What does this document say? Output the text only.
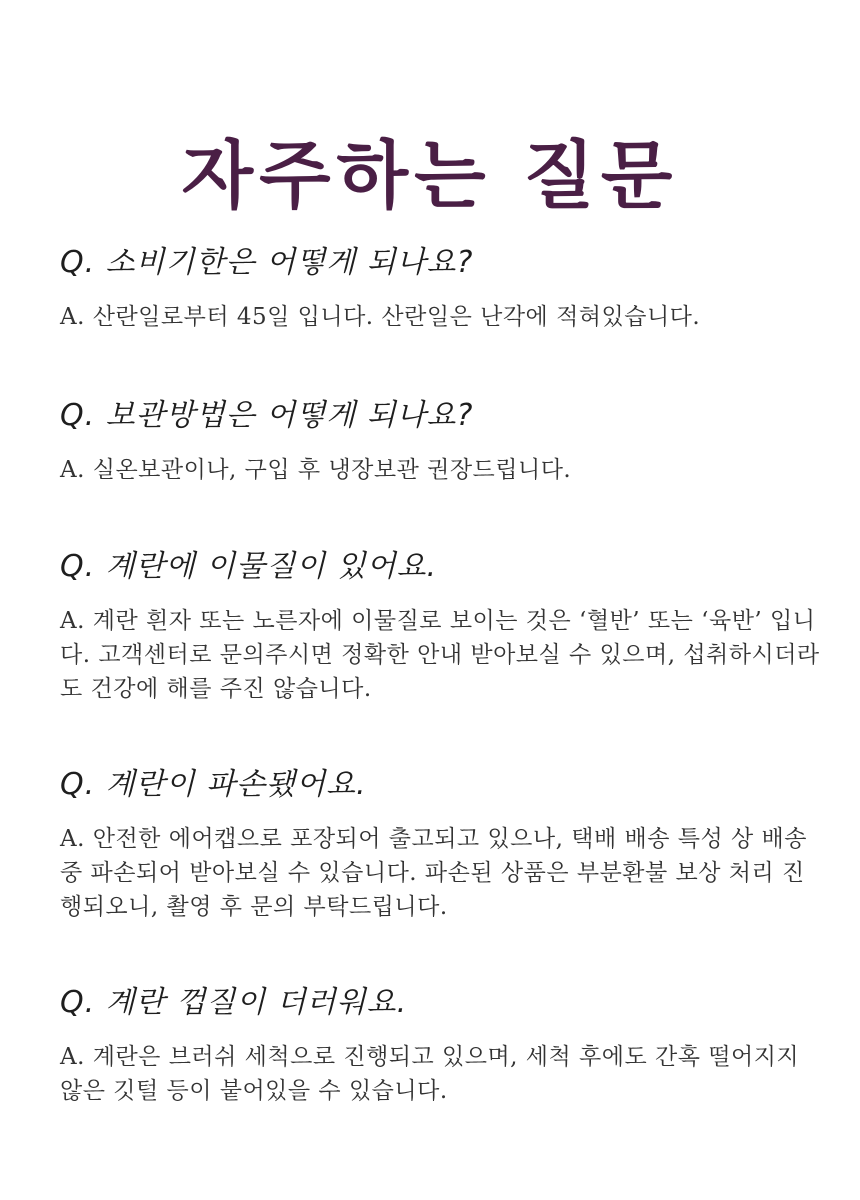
자주하는 질문

Q. 소비기한은 어떻게 되나요?

A. 산란일로부터 45일 입니다. 산란일은 난각에 적혀있습니다.

Q. 보관방법은 어떻게 되나요?

A. 실온보관이나, 구입 후 냉장보관 권장드립니다.

Q. 계란에 이물질이 있어요.

A. 계란 흰자 또는 노른자에 이물질로 보이는 것은 ‘혈반’ 또는 ‘육반’ 입니다. 고객센터로 문의주시면 정확한 안내 받아보실 수 있으며, 섭취하시더라도 건강에 해를 주진 않습니다.

Q. 계란이 파손됐어요.

A. 안전한 에어캡으로 포장되어 출고되고 있으나, 택배 배송 특성 상 배송 중 파손되어 받아보실 수 있습니다. 파손된 상품은 부분환불 보상 처리 진행되오니, 촬영 후 문의 부탁드립니다.

Q. 계란 껍질이 더러워요.

A. 계란은 브러쉬 세척으로 진행되고 있으며, 세척 후에도 간혹 떨어지지 않은 깃털 등이 붙어있을 수 있습니다.
